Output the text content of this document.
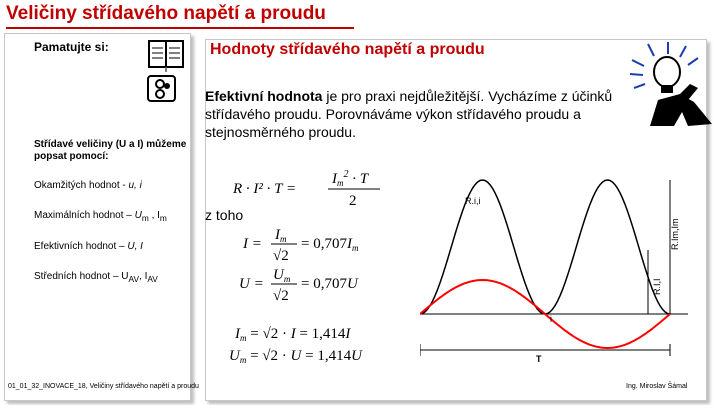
Veličiny střídavého napětí a proudu
Pamatujte si:
Střídavé veličiny (U a I) můžeme popsat pomocí:
Okamžitých hodnot - u, i
Maximálních hodnot – $U_m$ , $I_m$
Efektivních hodnot – U, I
Středních hodnot – $U_{AV}$, $I_{AV}$
Hodnoty střídavého napětí a proudu
Efektivní hodnota je pro praxi nejdůležitější. Vycházíme z účinků střídavého proudu. Porovnáváme výkon střídavého proudu a stejnosměrného proudu.
z toho
R · I² · T =
$I_m^2 \cdot T$
2
I =
$I_m$
√2
= $0,707I_m$
U =
$U_m$
√2
= 0,707U
$I_m = √2 \cdot I = 1,414I$
$U_m = √2 \cdot U = 1,414U$
R.i,i
R.Im,Im
R.I,I
i
T
01_01_32_INOVACE_18, Veličiny střídavého napětí a proudu	Ing. Miroslav Šámal
